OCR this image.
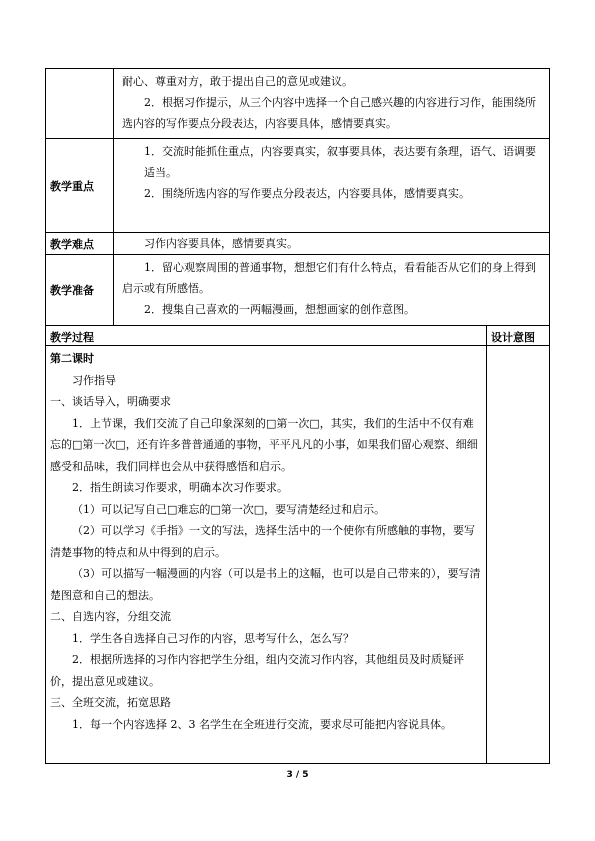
耐心、尊重对方，敢于提出自己的意见或建议。

2．根据习作提示，从三个内容中选择一个自己感兴趣的内容进行习作，能围绕所选内容的写作要点分段表达，内容要具体，感情要真实。

教学重点

1．交流时能抓住重点，内容要真实，叙事要具体，表达要有条理，语气、语调要

适当。

2．围绕所选内容的写作要点分段表达，内容要具体，感情要真实。

教学难点	习作内容要具体，感情要真实。

教学准备

1．留心观察周围的普通事物，想想它们有什么特点，看看能否从它们的身上得到启示或有所感悟。

2．搜集自己喜欢的一两幅漫画，想想画家的创作意图。

教学过程	设计意图

第二课时

习作指导

一、谈话导入，明确要求

1．上节课，我们交流了自己印象深刻的□第一次□，其实，我们的生活中不仅有难忘的□第一次□，还有许多普普通通的事物，平平凡凡的小事，如果我们留心观察、细细感受和品味，我们同样也会从中获得感悟和启示。

2．指生朗读习作要求，明确本次习作要求。

（1）可以记写自己□难忘的□第一次□，要写清楚经过和启示。

（2）可以学习《手指》一文的写法，选择生活中的一个使你有所感触的事物，要写清楚事物的特点和从中得到的启示。

（3）可以描写一幅漫画的内容（可以是书上的这幅，也可以是自己带来的），要写清楚图意和自己的想法。

二、自选内容，分组交流

1．学生各自选择自己习作的内容，思考写什么，怎么写？

2．根据所选择的习作内容把学生分组，组内交流习作内容，其他组员及时质疑评价，提出意见或建议。

三、全班交流，拓宽思路

1．每一个内容选择 2、3 名学生在全班进行交流，要求尽可能把内容说具体。

3 / 5
